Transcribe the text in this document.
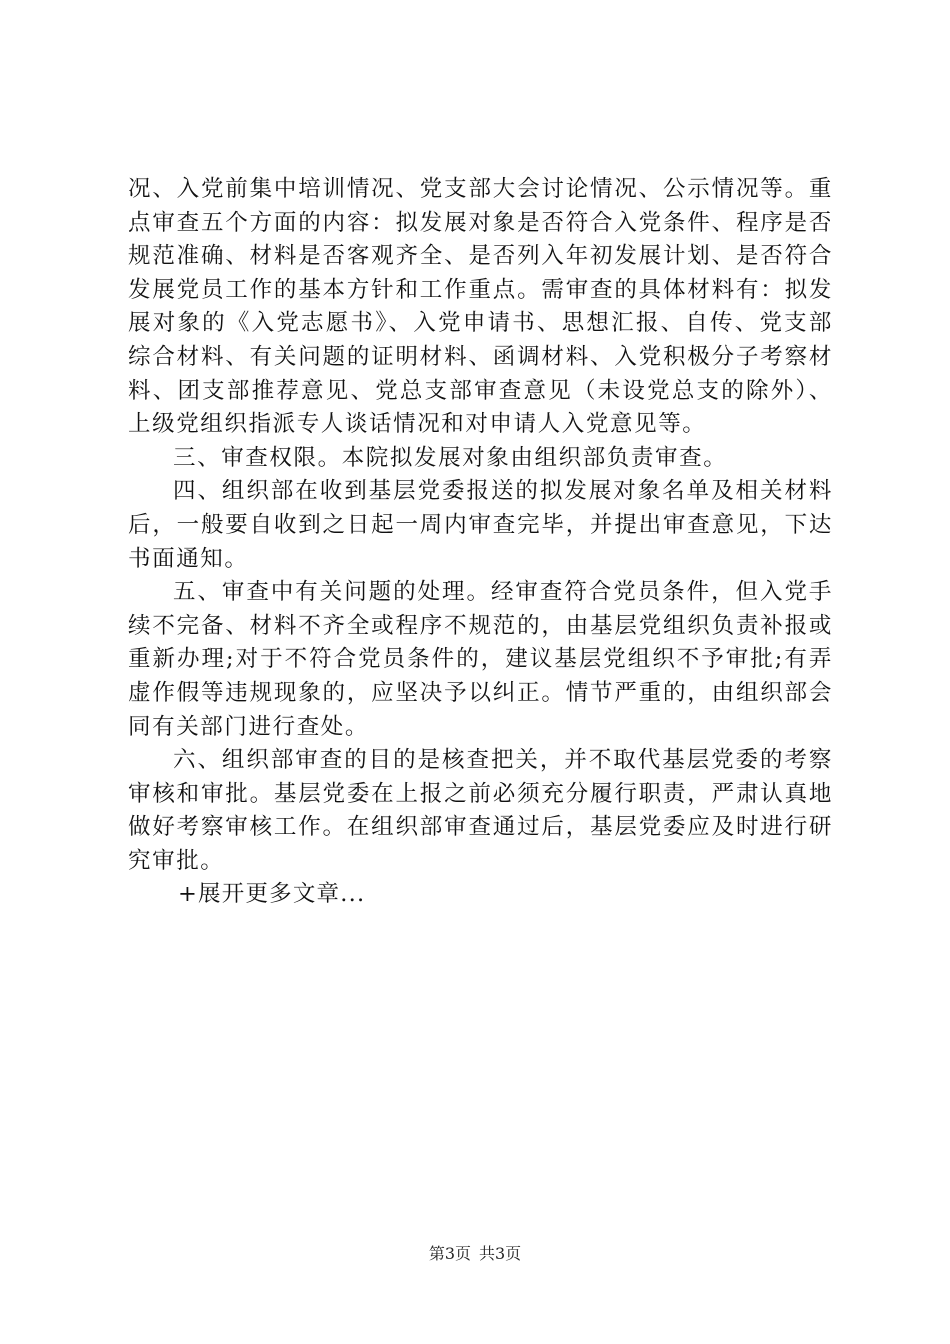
况、入党前集中培训情况、党支部大会讨论情况、公示情况等。重点审查五个方面的内容：拟发展对象是否符合入党条件、程序是否规范准确、材料是否客观齐全、是否列入年初发展计划、是否符合发展党员工作的基本方针和工作重点。需审查的具体材料有：拟发展对象的《入党志愿书》、入党申请书、思想汇报、自传、党支部综合材料、有关问题的证明材料、函调材料、入党积极分子考察材料、团支部推荐意见、党总支部审查意见（未设党总支的除外）、上级党组织指派专人谈话情况和对申请人入党意见等。

三、审查权限。本院拟发展对象由组织部负责审查。

四、组织部在收到基层党委报送的拟发展对象名单及相关材料后，一般要自收到之日起一周内审查完毕，并提出审查意见，下达书面通知。

五、审查中有关问题的处理。经审查符合党员条件，但入党手续不完备、材料不齐全或程序不规范的，由基层党组织负责补报或重新办理;对于不符合党员条件的，建议基层党组织不予审批;有弄虚作假等违规现象的，应坚决予以纠正。情节严重的，由组织部会同有关部门进行查处。

六、组织部审查的目的是核查把关，并不取代基层党委的考察审核和审批。基层党委在上报之前必须充分履行职责，严肃认真地做好考察审核工作。在组织部审查通过后，基层党委应及时进行研究审批。

+展开更多文章...
第3页 共3页
